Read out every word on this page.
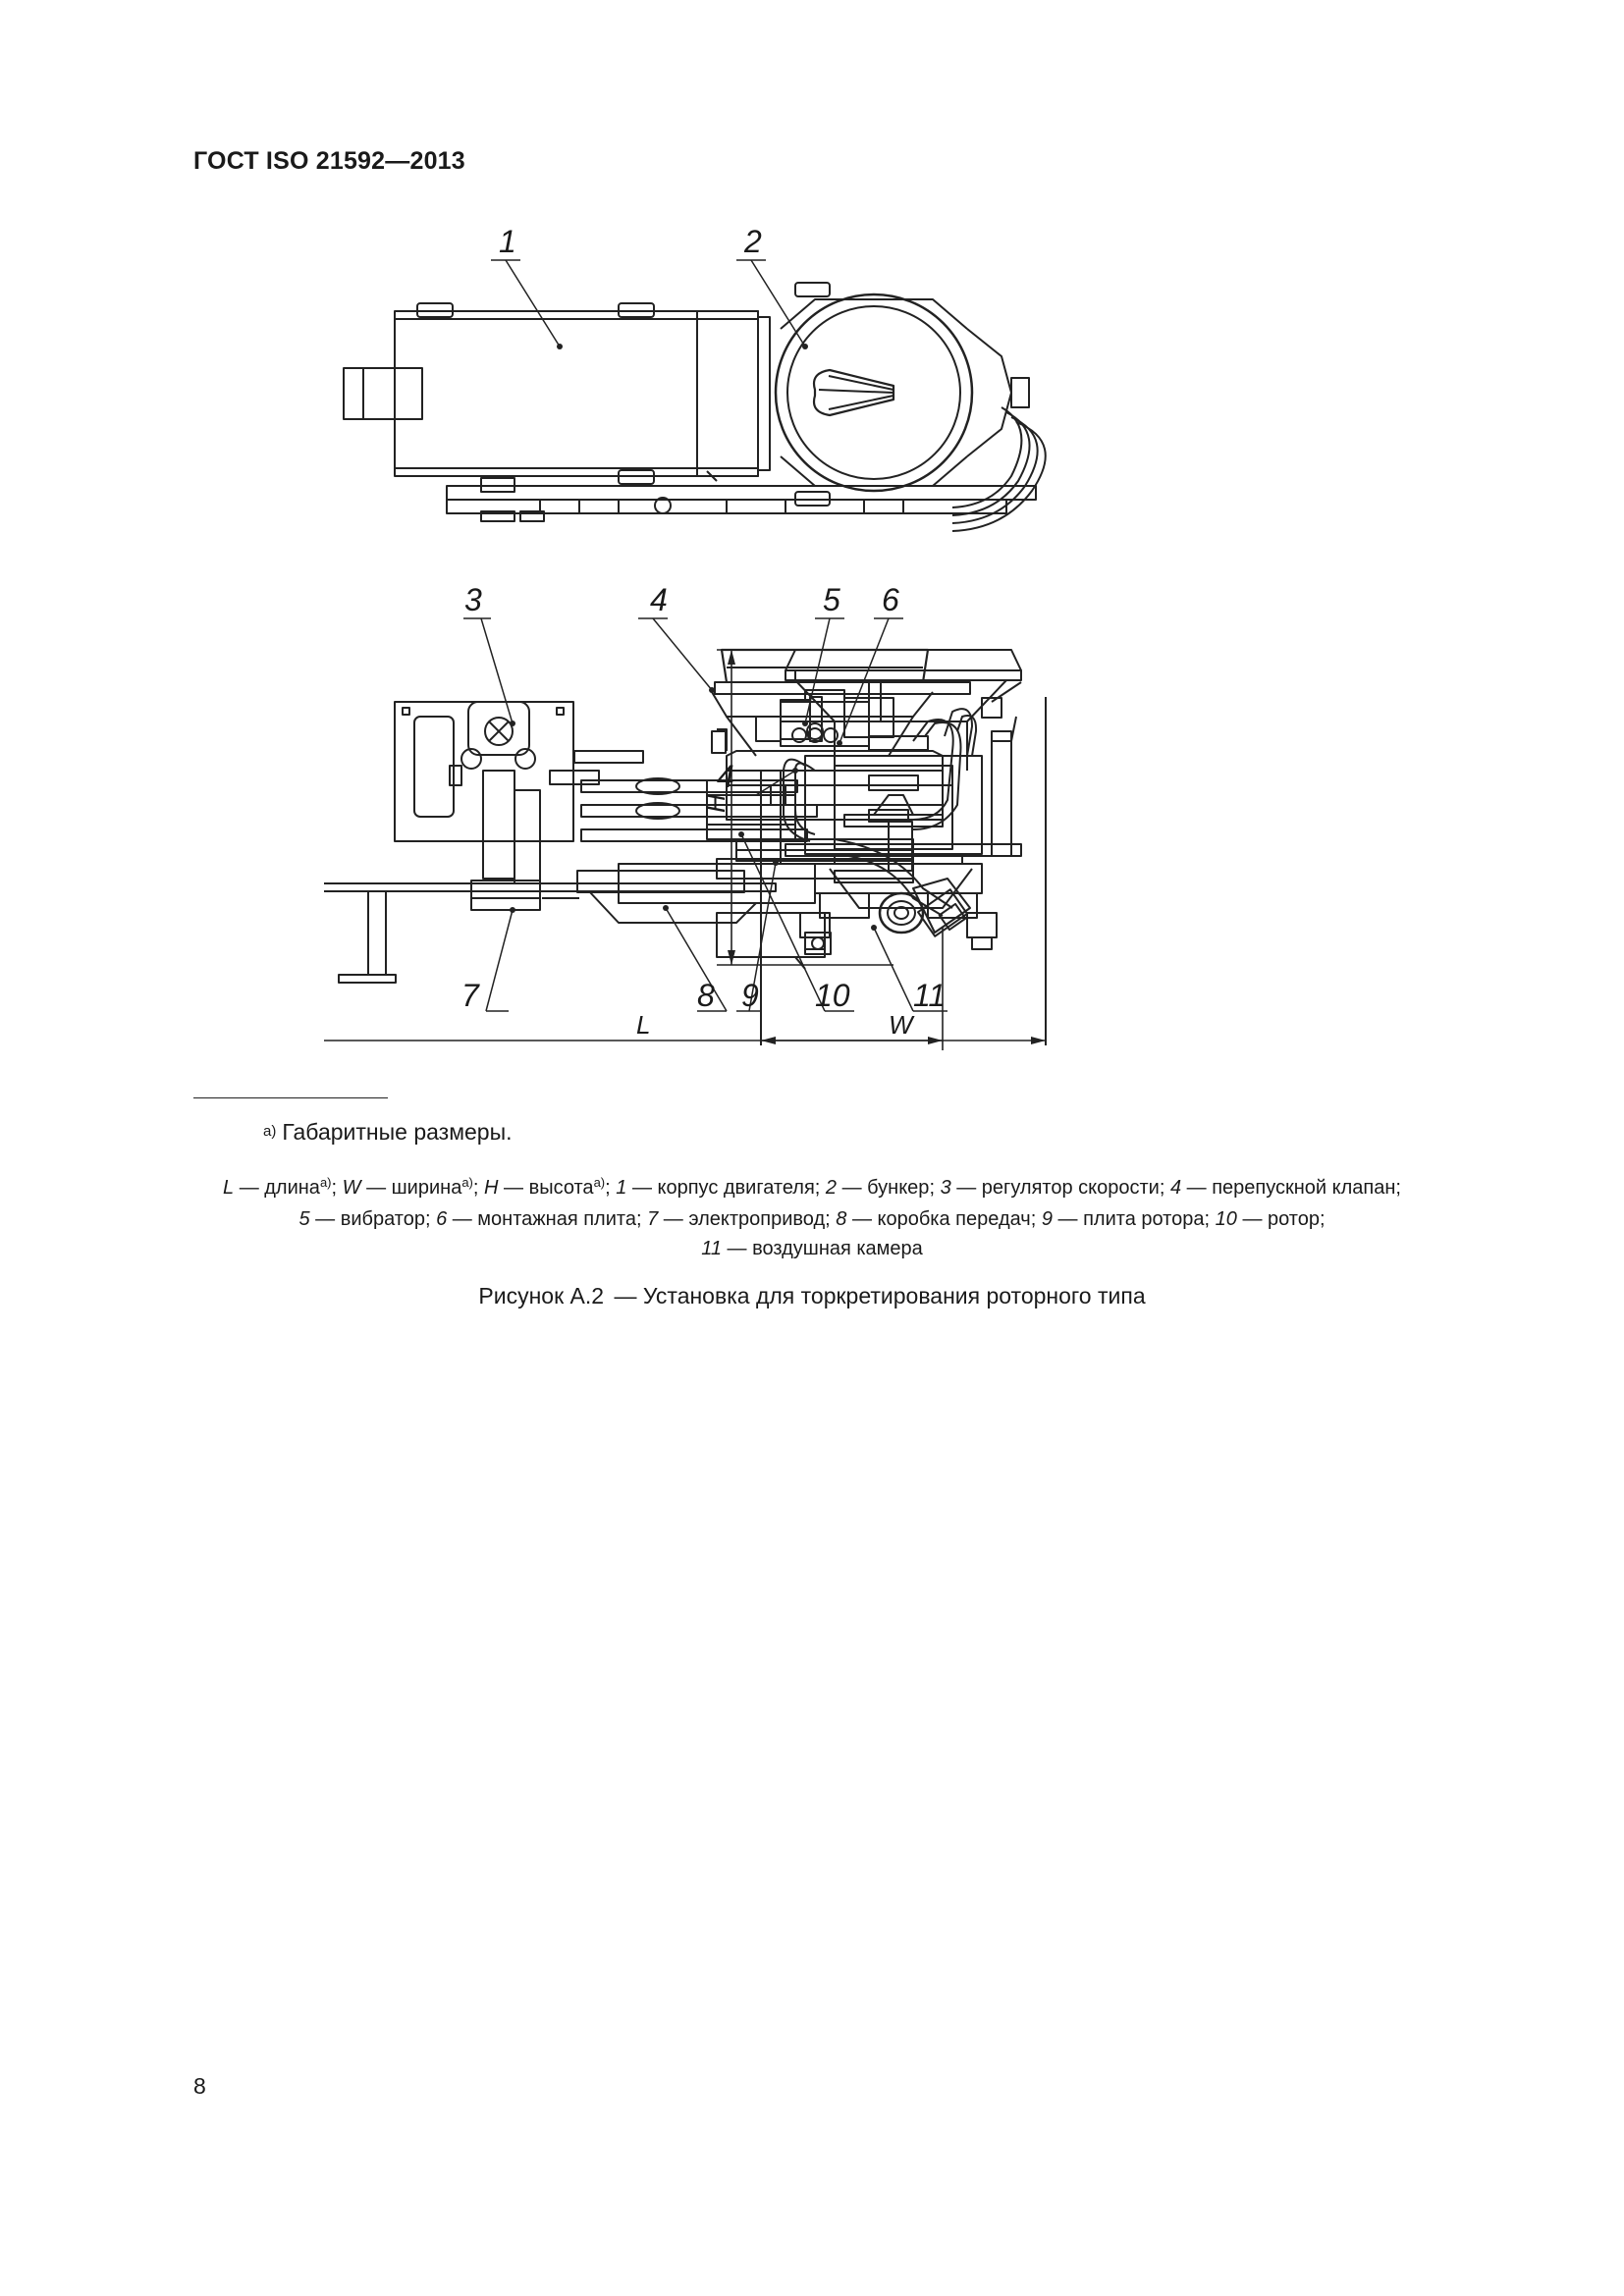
ГОСТ ISO 21592—2013
1	2
3	4	5 6
4
7	8 9 10 11
L	W
H
$^{a)}$ Габаритные размеры.
L — длина$^{а)}$; W — ширина$^{а)}$; H — высота$^{а)}$; 1 — корпус двигателя; 2 — бункер; 3 — регулятор скорости; 4 — перепускной клапан;
5 — вибратор; 6 — монтажная плита; 7 — электропривод; 8 — коробка передач; 9 — плита ротора; 10 — ротор;
11 — воздушная камера
Рисунок А.2 — Установка для торкретирования роторного типа
8
